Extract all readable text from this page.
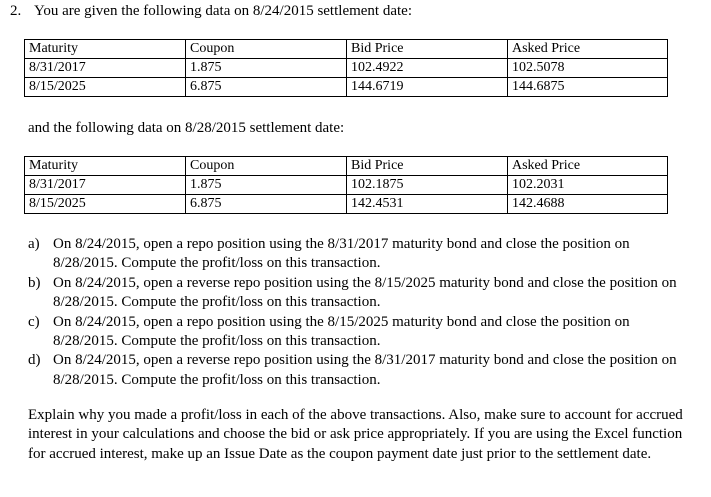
2. You are given the following data on 8/24/2015 settlement date:
Maturity	Coupon	Bid Price	Asked Price
8/31/2017	1.875	102.4922	102.5078
8/15/2025	6.875	144.6719	144.6875
and the following data on 8/28/2015 settlement date:
Maturity	Coupon	Bid Price	Asked Price
8/31/2017	1.875	102.1875	102.2031
8/15/2025	6.875	142.4531	142.4688
a) On 8/24/2015, open a repo position using the 8/31/2017 maturity bond and close the position on 8/28/2015. Compute the profit/loss on this transaction.
b) On 8/24/2015, open a reverse repo position using the 8/15/2025 maturity bond and close the position on 8/28/2015. Compute the profit/loss on this transaction.
c) On 8/24/2015, open a repo position using the 8/15/2025 maturity bond and close the position on 8/28/2015. Compute the profit/loss on this transaction.
d) On 8/24/2015, open a reverse repo position using the 8/31/2017 maturity bond and close the position on 8/28/2015. Compute the profit/loss on this transaction.
Explain why you made a profit/loss in each of the above transactions. Also, make sure to account for accrued interest in your calculations and choose the bid or ask price appropriately. If you are using the Excel function for accrued interest, make up an Issue Date as the coupon payment date just prior to the settlement date.
